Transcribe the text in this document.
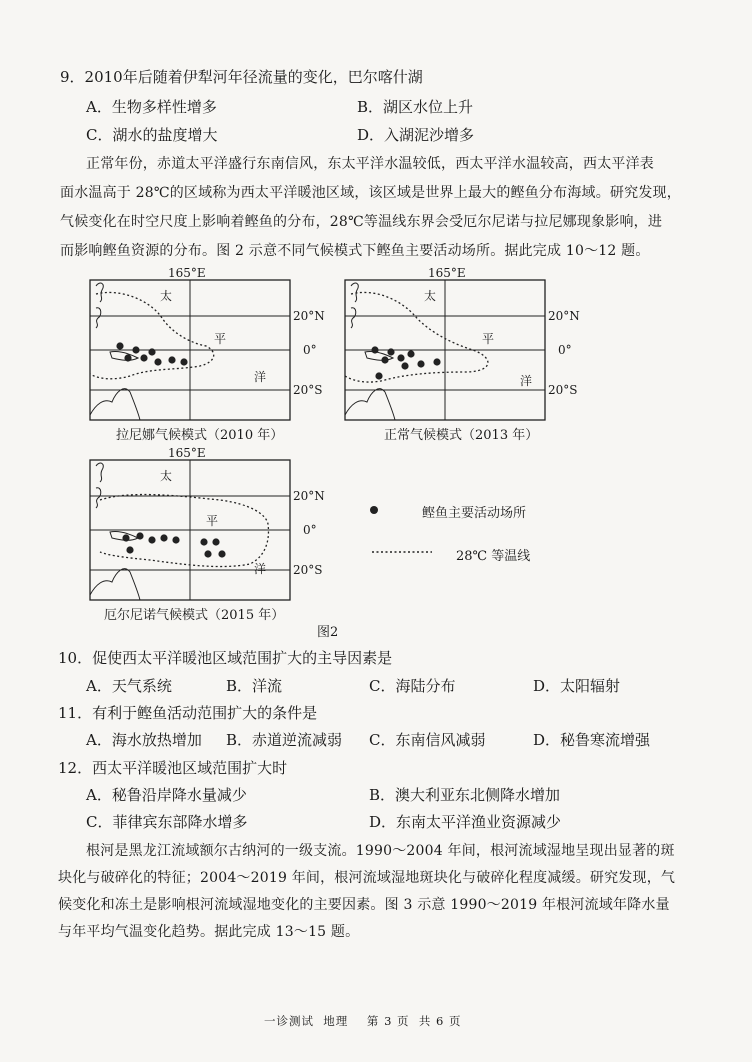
9．2010年后随着伊犁河年径流量的变化，巴尔喀什湖
A．生物多样性增多	B．湖区水位上升
C．湖水的盐度增大	D．入湖泥沙增多
正常年份，赤道太平洋盛行东南信风，东太平洋水温较低，西太平洋水温较高，西太平洋表
面水温高于 28℃的区域称为西太平洋暖池区域，该区域是世界上最大的鲣鱼分布海域。研究发现，
气候变化在时空尺度上影响着鲣鱼的分布，28℃等温线东界会受厄尔尼诺与拉尼娜现象影响，进
而影响鲣鱼资源的分布。图 2 示意不同气候模式下鲣鱼主要活动场所。据此完成 10～12 题。
165°E	165°E
165°E
20°N
0°
20°S
20°N
0°
20°S
20°N
0°
20°S
太
平
洋
太
平
洋
太
平
洋
拉尼娜气候模式（2010 年）	正常气候模式（2013 年）
厄尔尼诺气候模式（2015 年）
鲣鱼主要活动场所
28℃ 等温线
图2
10．促使西太平洋暖池区域范围扩大的主导因素是
A．天气系统	B．洋流	C．海陆分布	D．太阳辐射
11．有利于鲣鱼活动范围扩大的条件是
A．海水放热增加 B．赤道逆流减弱 C．东南信风减弱	D．秘鲁寒流增强
12．西太平洋暖池区域范围扩大时
A．秘鲁沿岸降水量减少	B．澳大利亚东北侧降水增加
C．菲律宾东部降水增多	D．东南太平洋渔业资源减少
根河是黑龙江流域额尔古纳河的一级支流。1990～2004 年间，根河流域湿地呈现出显著的斑
块化与破碎化的特征；2004～2019 年间，根河流域湿地斑块化与破碎化程度减缓。研究发现，气
候变化和冻土是影响根河流域湿地变化的主要因素。图 3 示意 1990～2019 年根河流域年降水量
与年平均气温变化趋势。据此完成 13～15 题。
一诊测试  地理    第 3 页  共 6 页
